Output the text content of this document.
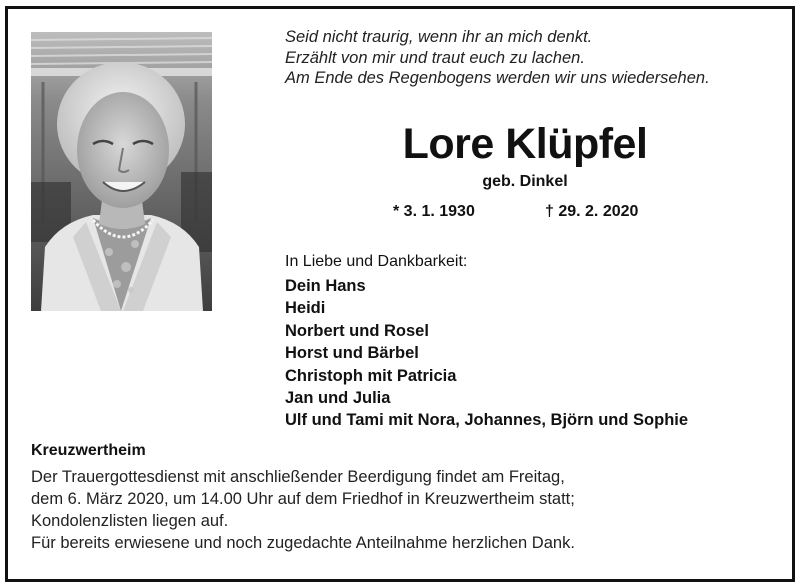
Seid nicht traurig, wenn ihr an mich denkt.
Erzählt von mir und traut euch zu lachen.
Am Ende des Regenbogens werden wir uns wiedersehen.
Lore Klüpfel
geb. Dinkel
* 3. 1. 1930	† 29. 2. 2020
In Liebe und Dankbarkeit:
Dein Hans
Heidi
Norbert und Rosel
Horst und Bärbel
Christoph mit Patricia
Jan und Julia
Ulf und Tami mit Nora, Johannes, Björn und Sophie
Kreuzwertheim
Der Trauergottesdienst mit anschließender Beerdigung findet am Freitag,
dem 6. März 2020, um 14.00 Uhr auf dem Friedhof in Kreuzwertheim statt;
Kondolenzlisten liegen auf.
Für bereits erwiesene und noch zugedachte Anteilnahme herzlichen Dank.
